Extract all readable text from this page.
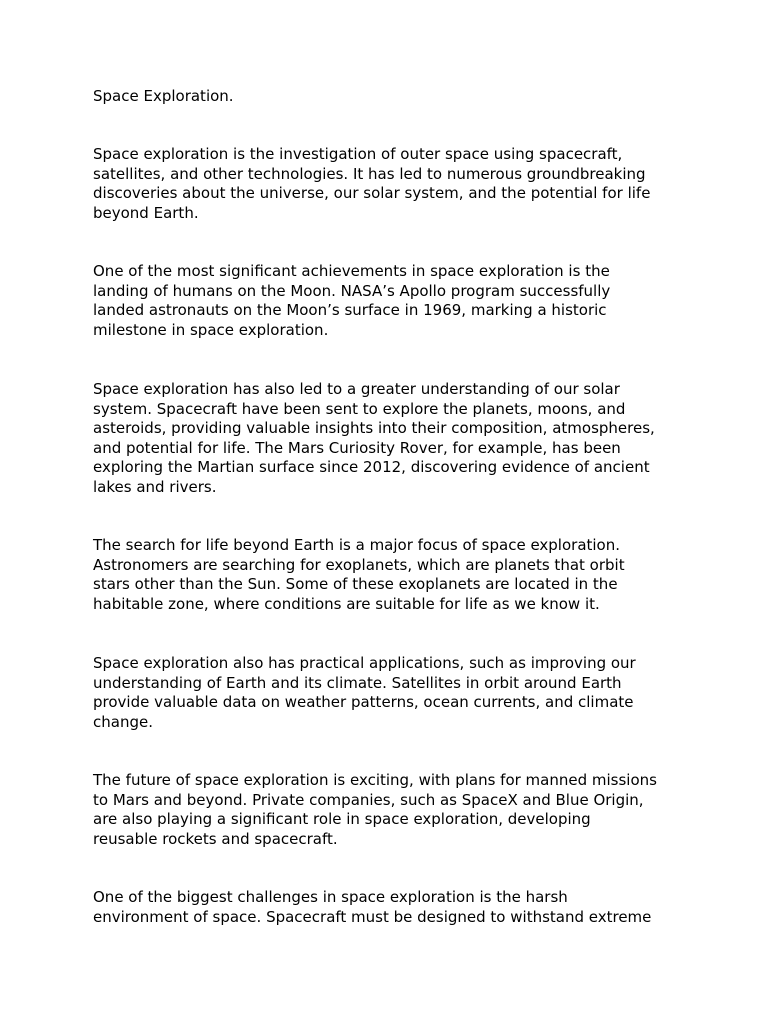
Space Exploration.

Space exploration is the investigation of outer space using spacecraft,

satellites, and other technologies. It has led to numerous groundbreaking

discoveries about the universe, our solar system, and the potential for life

beyond Earth.

One of the most significant achievements in space exploration is the

landing of humans on the Moon. NASA’s Apollo program successfully

landed astronauts on the Moon’s surface in 1969, marking a historic

milestone in space exploration.

Space exploration has also led to a greater understanding of our solar

system. Spacecraft have been sent to explore the planets, moons, and

asteroids, providing valuable insights into their composition, atmospheres,

and potential for life. The Mars Curiosity Rover, for example, has been

exploring the Martian surface since 2012, discovering evidence of ancient

lakes and rivers.

The search for life beyond Earth is a major focus of space exploration.

Astronomers are searching for exoplanets, which are planets that orbit

stars other than the Sun. Some of these exoplanets are located in the

habitable zone, where conditions are suitable for life as we know it.

Space exploration also has practical applications, such as improving our

understanding of Earth and its climate. Satellites in orbit around Earth

provide valuable data on weather patterns, ocean currents, and climate

change.

The future of space exploration is exciting, with plans for manned missions

to Mars and beyond. Private companies, such as SpaceX and Blue Origin,

are also playing a significant role in space exploration, developing

reusable rockets and spacecraft.

One of the biggest challenges in space exploration is the harsh

environment of space. Spacecraft must be designed to withstand extreme
